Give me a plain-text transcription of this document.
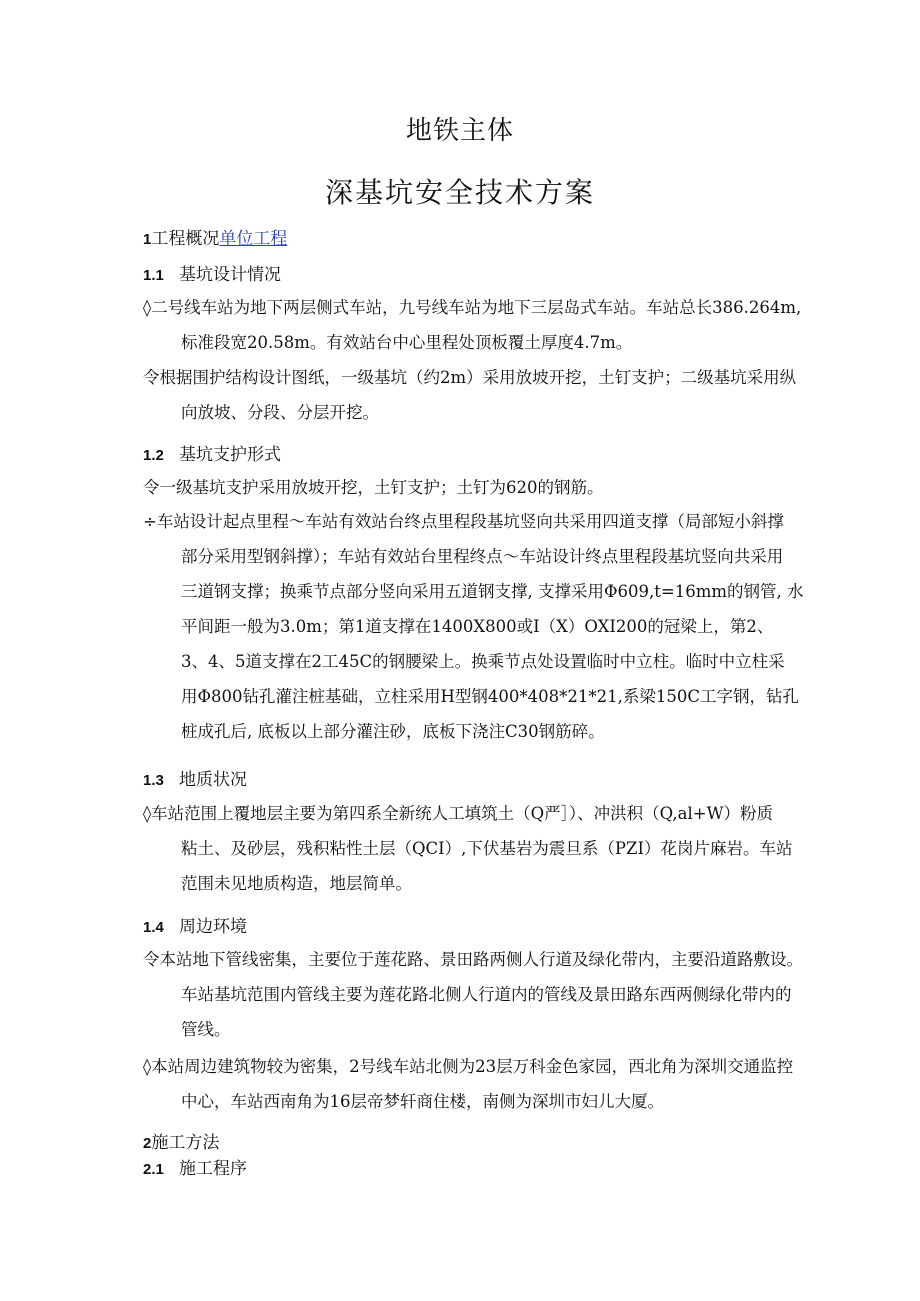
地铁主体
深基坑安全技术方案
1工程概况单位工程
1.1 基坑设计情况
◊二号线车站为地下两层侧式车站，九号线车站为地下三层岛式车站。车站总长386.264m,
标准段宽20.58m。有效站台中心里程处顶板覆土厚度4.7m。
令根据围护结构设计图纸，一级基坑（约2m）采用放坡开挖，土钉支护；二级基坑采用纵
向放坡、分段、分层开挖。
1.2 基坑支护形式
令一级基坑支护采用放坡开挖，土钉支护；土钉为620的钢筋。
÷车站设计起点里程～车站有效站台终点里程段基坑竖向共采用四道支撑（局部短小斜撑
部分采用型钢斜撑）；车站有效站台里程终点～车站设计终点里程段基坑竖向共采用
三道钢支撑；换乘节点部分竖向采用五道钢支撑, 支撑采用Φ609,t=16mm的钢管, 水
平间距一般为3.0m；第1道支撑在1400X800或I（X）OXI200的冠梁上，第2、
3、4、5道支撑在2工45C的钢腰梁上。换乘节点处设置临时中立柱。临时中立柱采
用Φ800钻孔灌注桩基础，立柱采用H型钢400*408*21*21,系梁150C工字钢，钻孔
桩成孔后, 底板以上部分灌注砂，底板下浇注C30钢筋碎。
1.3 地质状况
◊车站范围上覆地层主要为第四系全新统人工填筑土（Q严］）、冲洪积（Q,al+W）粉质
粘土、及砂层，残积粘性土层（QCI）,下伏基岩为震旦系（PZI）花岗片麻岩。车站
范围未见地质构造，地层简单。
1.4 周边环境
令本站地下管线密集，主要位于莲花路、景田路两侧人行道及绿化带内，主要沿道路敷设。
车站基坑范围内管线主要为莲花路北侧人行道内的管线及景田路东西两侧绿化带内的
管线。
◊本站周边建筑物较为密集，2号线车站北侧为23层万科金色家园，西北角为深圳交通监控
中心，车站西南角为16层帝梦轩商住楼，南侧为深圳市妇儿大厦。
2施工方法
2.1 施工程序
